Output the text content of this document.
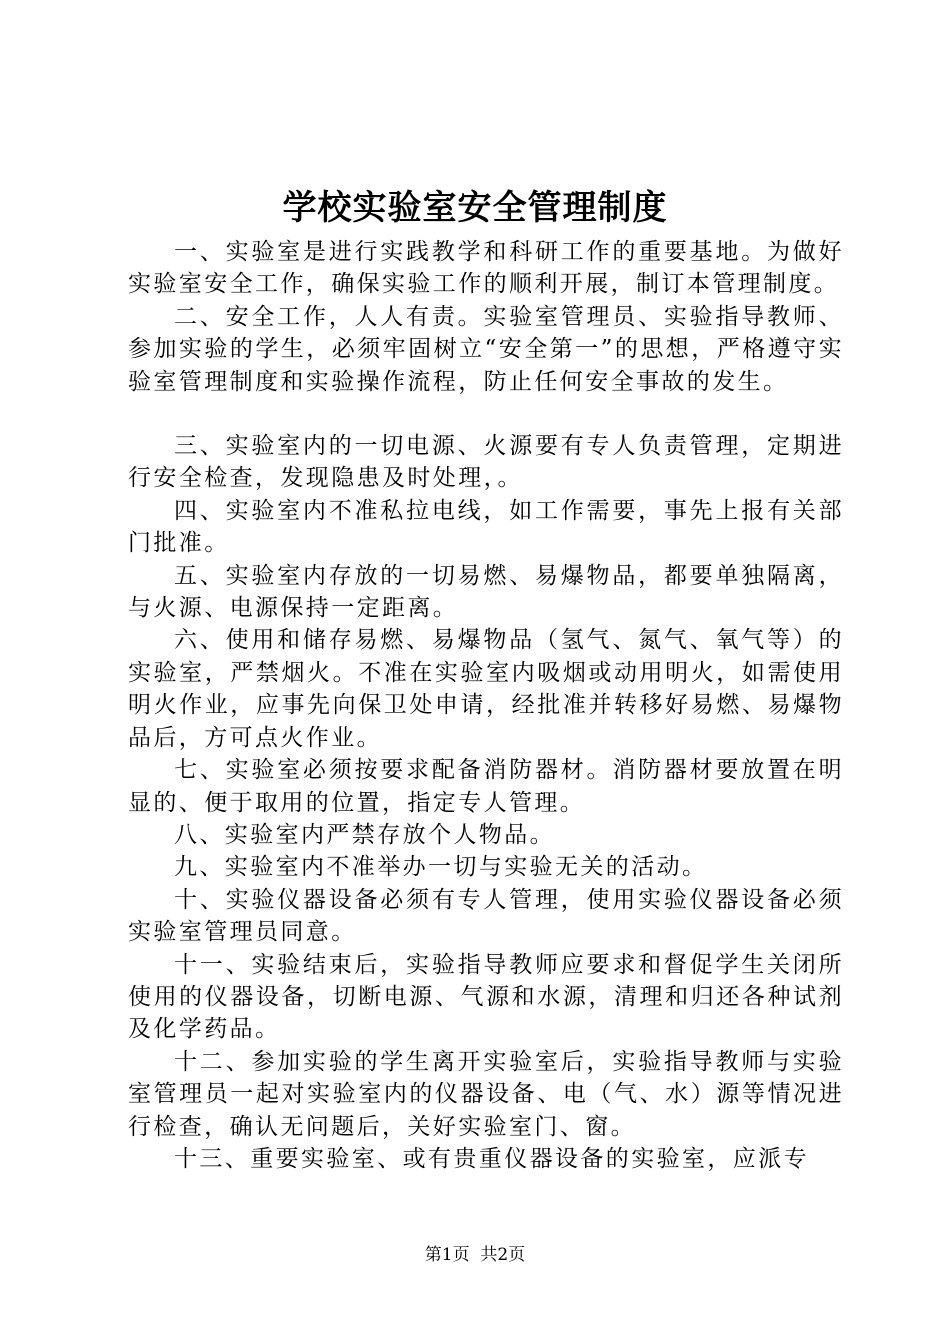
学校实验室安全管理制度

一、实验室是进行实践教学和科研工作的重要基地。为做好实验室安全工作，确保实验工作的顺利开展，制订本管理制度。

二、安全工作，人人有责。实验室管理员、实验指导教师、参加实验的学生，必须牢固树立“安全第一”的思想，严格遵守实验室管理制度和实验操作流程，防止任何安全事故的发生。

三、实验室内的一切电源、火源要有专人负责管理，定期进行安全检查，发现隐患及时处理，。

四、实验室内不准私拉电线，如工作需要，事先上报有关部门批准。

五、实验室内存放的一切易燃、易爆物品，都要单独隔离，与火源、电源保持一定距离。

六、使用和储存易燃、易爆物品（氢气、氮气、氧气等）的实验室，严禁烟火。不准在实验室内吸烟或动用明火，如需使用明火作业，应事先向保卫处申请，经批准并转移好易燃、易爆物品后，方可点火作业。

七、实验室必须按要求配备消防器材。消防器材要放置在明显的、便于取用的位置，指定专人管理。

八、实验室内严禁存放个人物品。

九、实验室内不准举办一切与实验无关的活动。

十、实验仪器设备必须有专人管理，使用实验仪器设备必须实验室管理员同意。

十一、实验结束后，实验指导教师应要求和督促学生关闭所使用的仪器设备，切断电源、气源和水源，清理和归还各种试剂及化学药品。

十二、参加实验的学生离开实验室后，实验指导教师与实验室管理员一起对实验室内的仪器设备、电（气、水）源等情况进行检查，确认无问题后，关好实验室门、窗。

十三、重要实验室、或有贵重仪器设备的实验室，应派专

第1页  共2页
